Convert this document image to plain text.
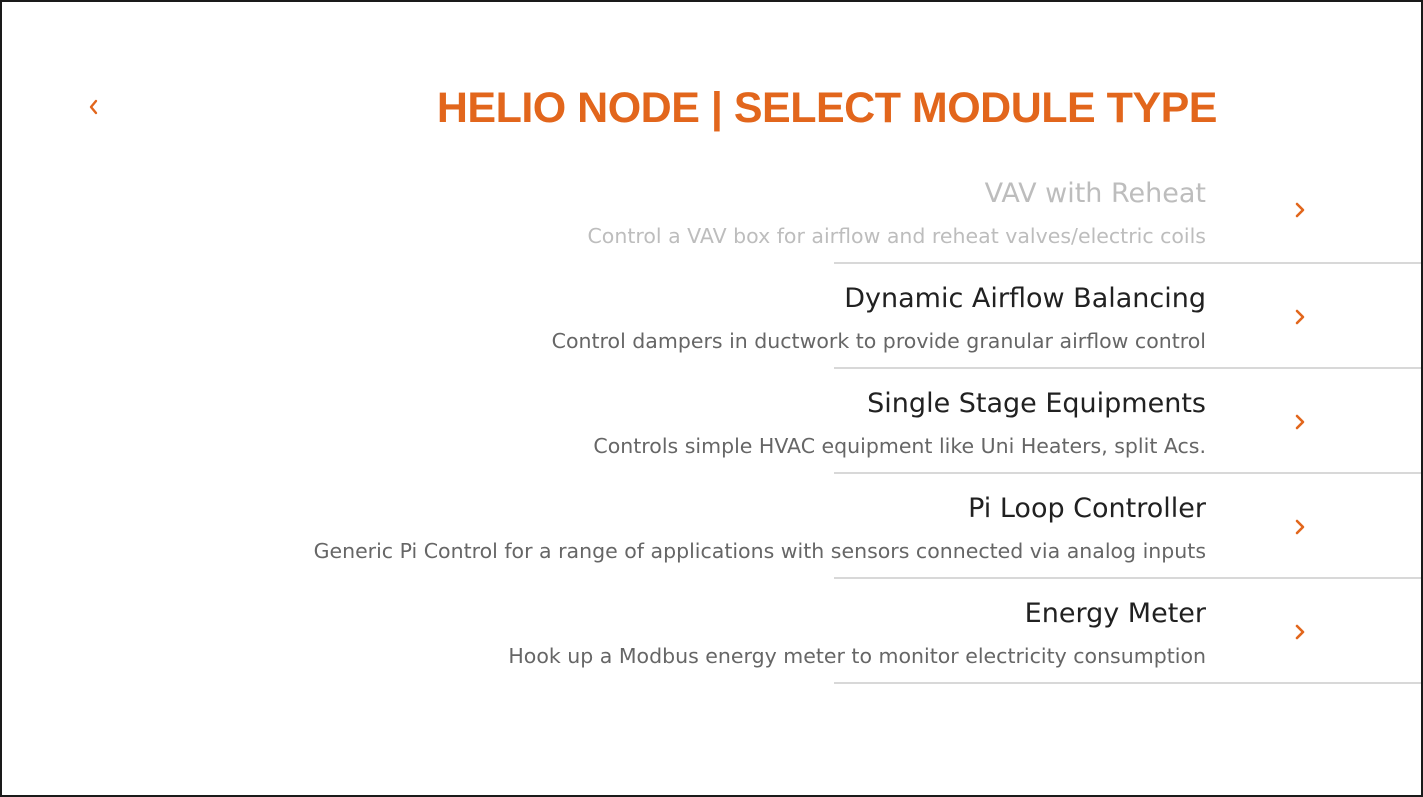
HELIO NODE | SELECT MODULE TYPE
VAV with Reheat
Control a VAV box for airflow and reheat valves/electric coils
Dynamic Airflow Balancing
Control dampers in ductwork to provide granular airflow control
Single Stage Equipments
Controls simple HVAC equipment like Uni Heaters, split Acs.
Pi Loop Controller
Generic Pi Control for a range of applications with sensors connected via analog inputs
Energy Meter
Hook up a Modbus energy meter to monitor electricity consumption
